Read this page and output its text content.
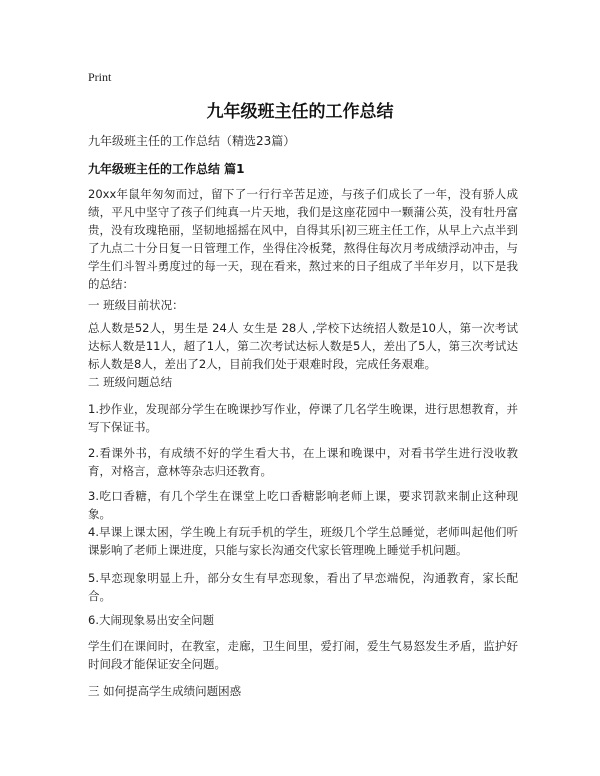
Print
九年级班主任的工作总结

九年级班主任的工作总结（精选23篇）

九年级班主任的工作总结 篇1

20xx年鼠年匆匆而过，留下了一行行辛苦足迹，与孩子们成长了一年，没有骄人成绩，平凡中坚守了孩子们纯真一片天地，我们是这座花园中一颗蒲公英，没有牡丹富贵，没有玫瑰艳丽，坚韧地摇摇在风中，自得其乐|初三班主任工作，从早上六点半到了九点二十分日复一日管理工作，坐得住冷板凳，熬得住每次月考成绩浮动冲击，与学生们斗智斗勇度过的每一天，现在看来，熬过来的日子组成了半年岁月，以下是我的总结：

一 班级目前状况：

总人数是52人，男生是 24人 女生是 28人 ,学校下达统招人数是10人，第一次考试达标人数是11人，超了1人，第二次考试达标人数是5人，差出了5人，第三次考试达标人数是8人，差出了2人，目前我们处于艰难时段，完成任务艰难。

二 班级问题总结

1.抄作业，发现部分学生在晚课抄写作业，停课了几名学生晚课，进行思想教育，并写下保证书。

2.看课外书，有成绩不好的学生看大书，在上课和晚课中，对看书学生进行没收教育，对格言，意林等杂志归还教育。

3.吃口香糖，有几个学生在课堂上吃口香糖影响老师上课，要求罚款来制止这种现象。

4.早课上课太困，学生晚上有玩手机的学生，班级几个学生总睡觉，老师叫起他们听课影响了老师上课进度，只能与家长沟通交代家长管理晚上睡觉手机问题。

5.早恋现象明显上升，部分女生有早恋现象，看出了早恋端倪，沟通教育，家长配合。

6.大闹现象易出安全问题

学生们在课间时，在教室，走廊，卫生间里，爱打闹，爱生气易怒发生矛盾，监护好时间段才能保证安全问题。

三 如何提高学生成绩问题困惑
